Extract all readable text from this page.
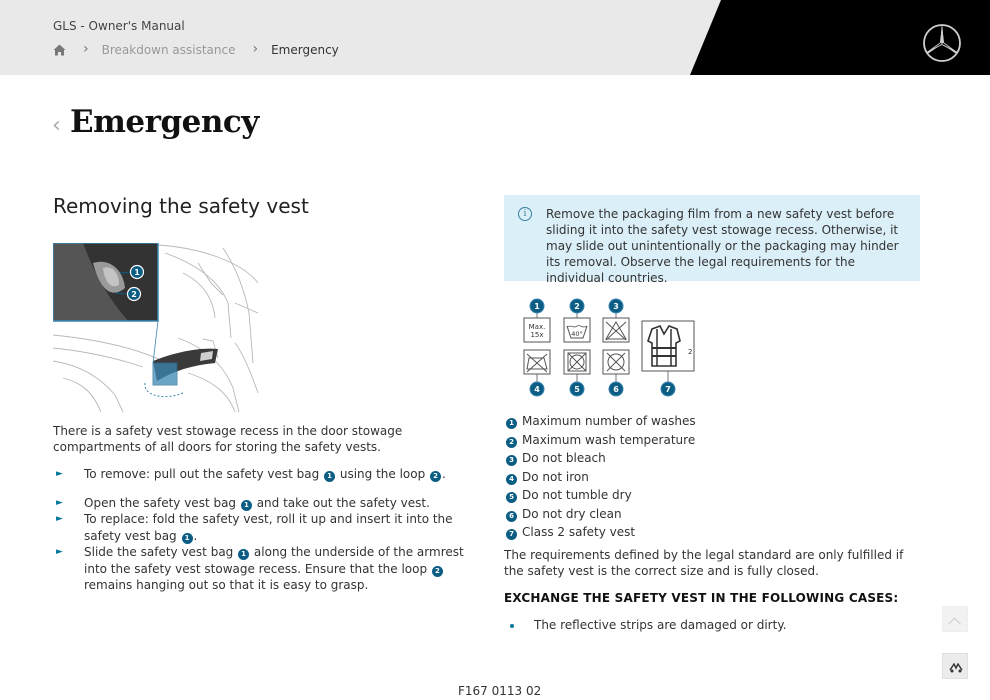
GLS - Owner's Manual
› Breakdown assistance › Emergency
‹ Emergency
Removing the safety vest
1
2

There is a safety vest stowage recess in the door stowage compartments of all doors for storing the safety vests.

► To remove: pull out the safety vest bag 1 using the loop 2 .
► Open the safety vest bag 1 and take out the safety vest.
► To replace: fold the safety vest, roll it up and insert it into the safety vest bag 1 .
► Slide the safety vest bag 1 along the underside of the armrest into the safety vest stowage recess. Ensure that the loop 2 remains hanging out so that it is easy to grasp.
i	Remove the packaging film from a new safety vest before sliding it into the safety vest stowage recess. Otherwise, it may slide out unintentionally or the packaging may hinder its removal. Observe the legal requirements for the individual countries.

Max.
15x	40°
2
1	2	3
4	5	6	7
1 Maximum number of washes
2 Maximum wash temperature
3 Do not bleach
4 Do not iron
5 Do not tumble dry
6 Do not dry clean
7 Class 2 safety vest

The requirements defined by the legal standard are only fulfilled if the safety vest is the correct size and is fully closed.

EXCHANGE THE SAFETY VEST IN THE FOLLOWING CASES:
The reflective strips are damaged or dirty.
F167 0113 02
